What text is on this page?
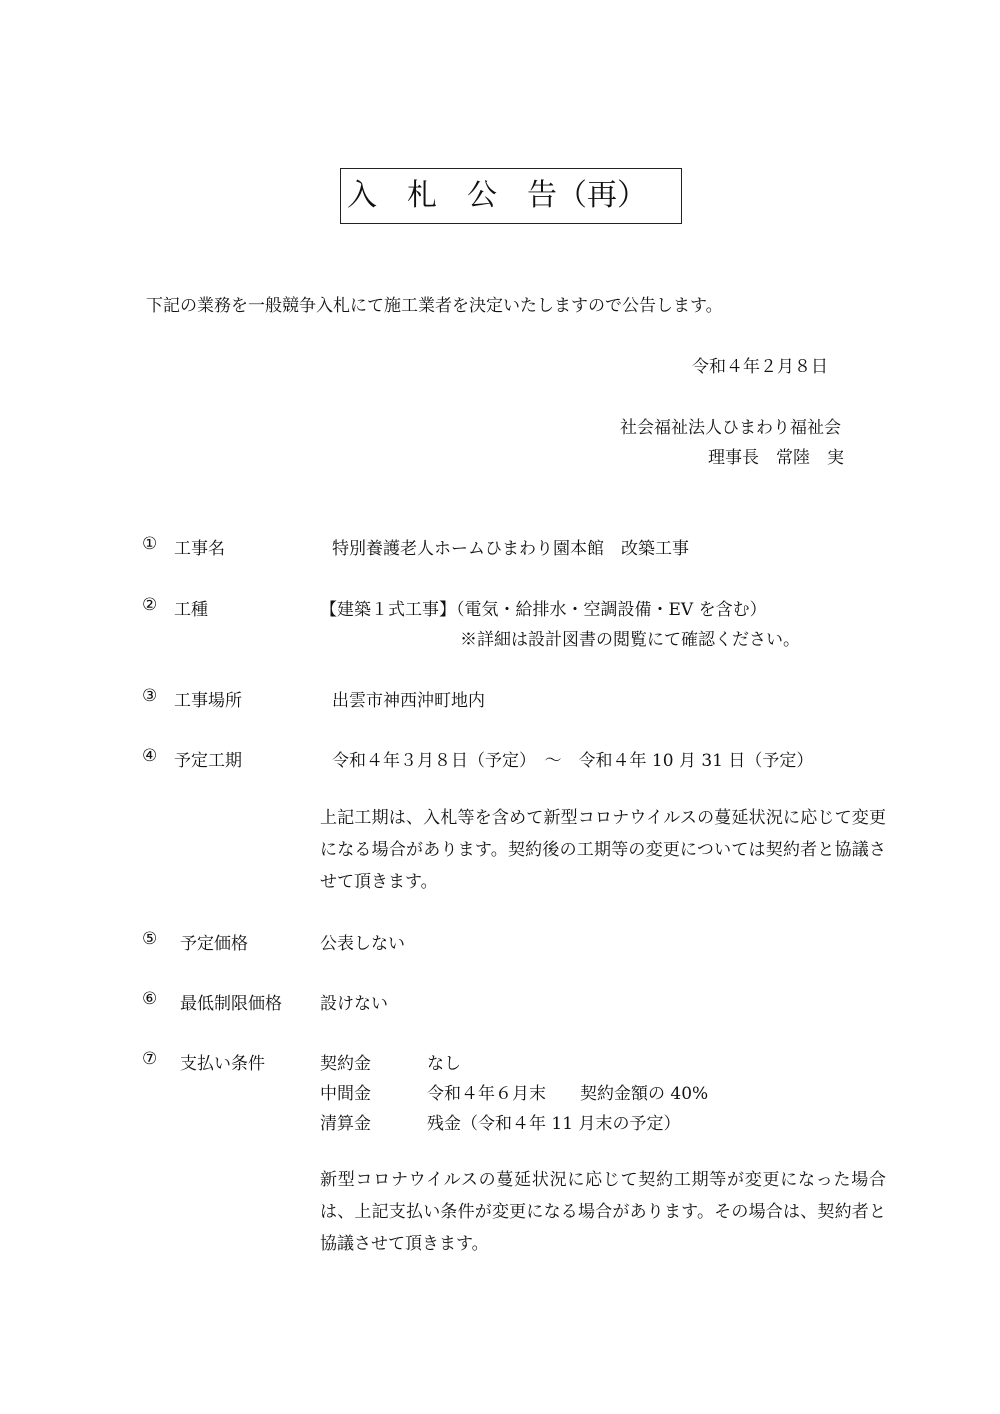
入　札　公　告（再）
下記の業務を一般競争入札にて施工業者を決定いたしますので公告します。
令和４年２月８日
社会福祉法人ひまわり福祉会
理事長　常陸　実
① 工事名	特別養護老人ホームひまわり園本館　改築工事
② 工種	【建築１式工事】（電気・給排水・空調設備・EV を含む）
※詳細は設計図書の閲覧にて確認ください。
③ 工事場所	出雲市神西沖町地内
④ 予定工期	令和４年３月８日（予定）　～　令和４年 10 月 31 日（予定）
上記工期は、入札等を含めて新型コロナウイルスの蔓延状況に応じて変更になる場合があります。契約後の工期等の変更については契約者と協議させて頂きます。
⑤ 予定価格	公表しない
⑥ 最低制限価格 設けない
⑦ 支払い条件	契約金	なし
中間金	令和４年６月末　　契約金額の 40%
清算金	残金（令和４年 11 月末の予定）
新型コロナウイルスの蔓延状況に応じて契約工期等が変更になった場合は、上記支払い条件が変更になる場合があります。その場合は、契約者と協議させて頂きます。
